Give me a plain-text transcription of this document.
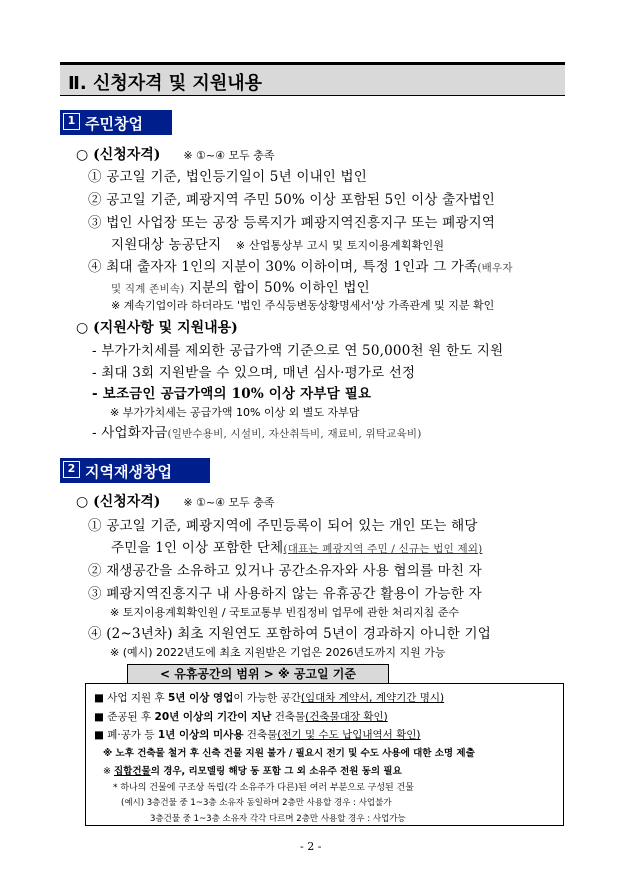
Ⅱ. 신청자격 및 지원내용
1 주민창업
○ (신청자격) ※ ①~④ 모두 충족
① 공고일 기준, 법인등기일이 5년 이내인 법인
② 공고일 기준, 폐광지역 주민 50% 이상 포함된 5인 이상 출자법인
③ 법인 사업장 또는 공장 등록지가 폐광지역진흥지구 또는 폐광지역
지원대상 농공단지 ※ 산업통상부 고시 및 토지이용계획확인원
④ 최대 출자자 1인의 지분이 30% 이하이며, 특정 1인과 그 가족(배우자
및 직계 존비속) 지분의 합이 50% 이하인 법인
※ 계속기업이라 하더라도 '법인 주식등변동상황명세서'상 가족관계 및 지분 확인
○ (지원사항 및 지원내용)
- 부가가치세를 제외한 공급가액 기준으로 연 50,000천 원 한도 지원
- 최대 3회 지원받을 수 있으며, 매년 심사·평가로 선정
- 보조금인 공급가액의 10% 이상 자부담 필요
※ 부가가치세는 공급가액 10% 이상 외 별도 자부담
- 사업화자금(일반수용비, 시설비, 자산취득비, 재료비, 위탁교육비)
2 지역재생창업
○ (신청자격) ※ ①~④ 모두 충족
① 공고일 기준, 폐광지역에 주민등록이 되어 있는 개인 또는 해당
주민을 1인 이상 포함한 단체(대표는 폐광지역 주민 / 신규는 법인 제외)
② 재생공간을 소유하고 있거나 공간소유자와 사용 협의를 마친 자
③ 폐광지역진흥지구 내 사용하지 않는 유휴공간 활용이 가능한 자
※ 토지이용계획확인원 / 국토교통부 빈집정비 업무에 관한 처리지침 준수
④ (2~3년차) 최초 지원연도 포함하여 5년이 경과하지 아니한 기업
※ (예시) 2022년도에 최초 지원받은 기업은 2026년도까지 지원 가능
< 유휴공간의 범위 > ※ 공고일 기준
■ 사업 지원 후 5년 이상 영업이 가능한 공간(임대차 계약서, 계약기간 명시)
■ 준공된 후 20년 이상의 기간이 지난 건축물(건축물대장 확인)
■ 폐·공가 등 1년 이상의 미사용 건축물(전기 및 수도 납입내역서 확인)
※ 노후 건축물 철거 후 신축 건물 지원 불가 / 필요시 전기 및 수도 사용에 대한 소명 제출
※ 집합건물의 경우, 리모델링 해당 동 포함 그 외 소유주 전원 동의 필요
* 하나의 건물에 구조상 독립(각 소유주가 다른)된 여러 부분으로 구성된 건물
(예시) 3층건물 중 1~3층 소유자 동일하며 2층만 사용할 경우 : 사업불가
3층건물 중 1~3층 소유자 각각 다르며 2층만 사용할 경우 : 사업가능
- 2 -
